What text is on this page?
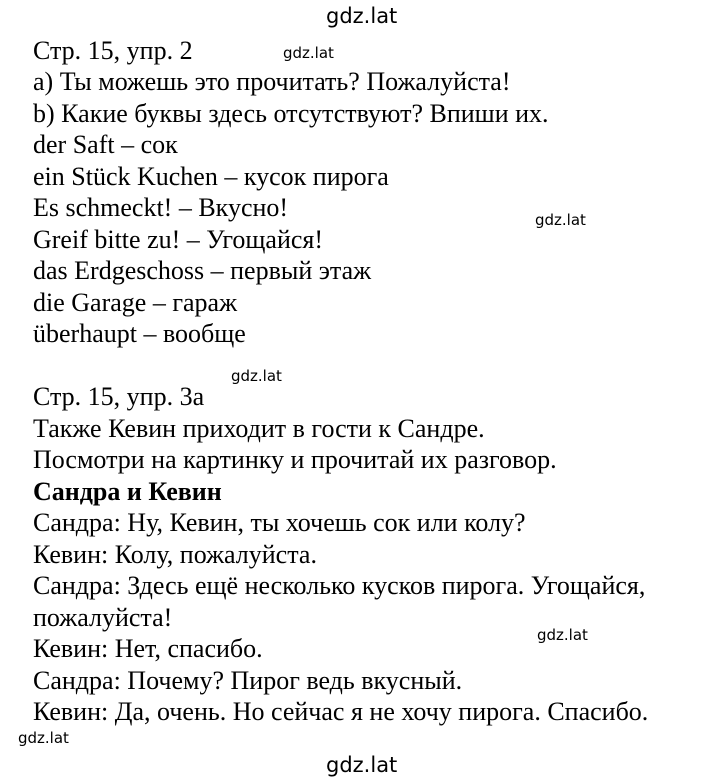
gdz.lat
gdz.lat
gdz.lat
gdz.lat
gdz.lat
gdz.lat
gdz.lat
Стр. 15, упр. 2
a) Ты можешь это прочитать? Пожалуйста!
b) Какие буквы здесь отсутствуют? Впиши их.
der Saft – сок
ein Stück Kuchen – кусок пирога
Es schmeckt! – Вкусно!
Greif bitte zu! – Угощайся!
das Erdgeschoss – первый этаж
die Garage – гараж
überhaupt – вообще
Стр. 15, упр. 3а
Также Кевин приходит в гости к Сандре.
Посмотри на картинку и прочитай их разговор.
Сандра и Кевин
Сандра: Ну, Кевин, ты хочешь сок или колу?
Кевин: Колу, пожалуйста.
Сандра: Здесь ещё несколько кусков пирога. Угощайся,
пожалуйста!
Кевин: Нет, спасибо.
Сандра: Почему? Пирог ведь вкусный.
Кевин: Да, очень. Но сейчас я не хочу пирога. Спасибо.
